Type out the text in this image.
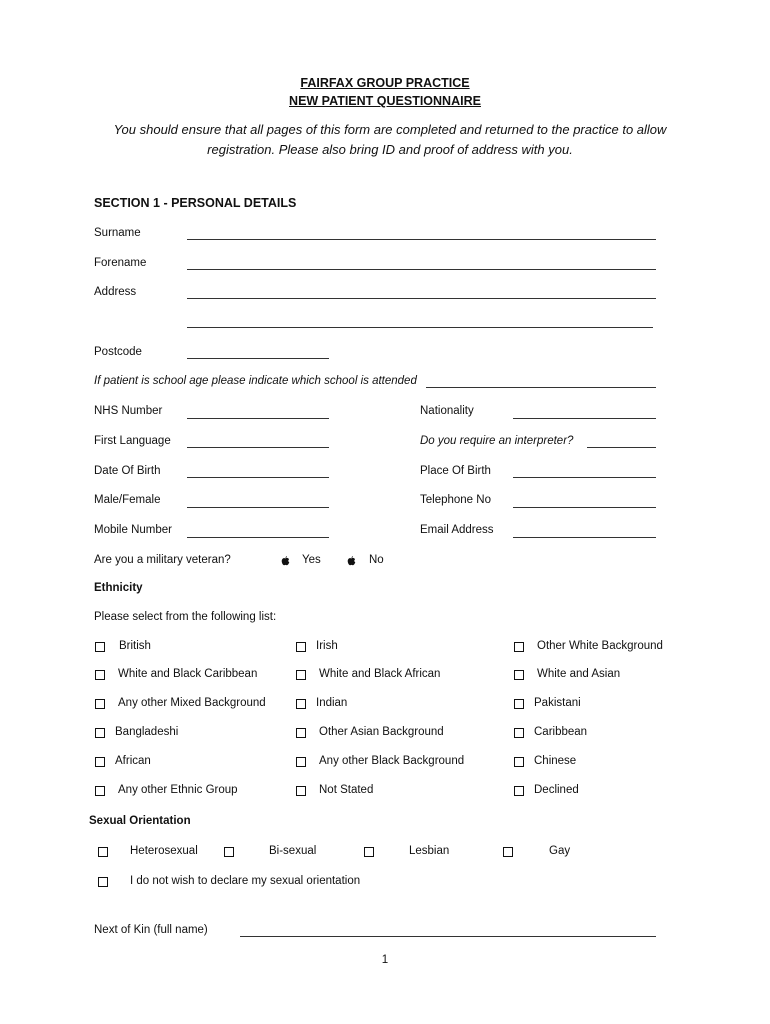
FAIRFAX GROUP PRACTICE
NEW PATIENT QUESTIONNAIRE
You should ensure that all pages of this form are completed and returned to the practice to allow registration. Please also bring ID and proof of address with you.
SECTION 1 - PERSONAL DETAILS
Surname
Forename
Address
Postcode
If patient is school age please indicate which school is attended
NHS Number	Nationality
First Language	Do you require an interpreter?
Date Of Birth	Place Of Birth
Male/Female	Telephone No
Mobile Number	Email Address
Are you a military veteran?	Yes	No
Ethnicity
Please select from the following list:
British	Irish	Other White Background
White and Black Caribbean	White and Black African	White and Asian
Any other Mixed Background	Indian	Pakistani
Bangladeshi	Other Asian Background	Caribbean
African	Any other Black Background	Chinese
Any other Ethnic Group	Not Stated	Declined
Sexual Orientation
Heterosexual	Bi-sexual	Lesbian	Gay
I do not wish to declare my sexual orientation
Next of Kin (full name)
1
